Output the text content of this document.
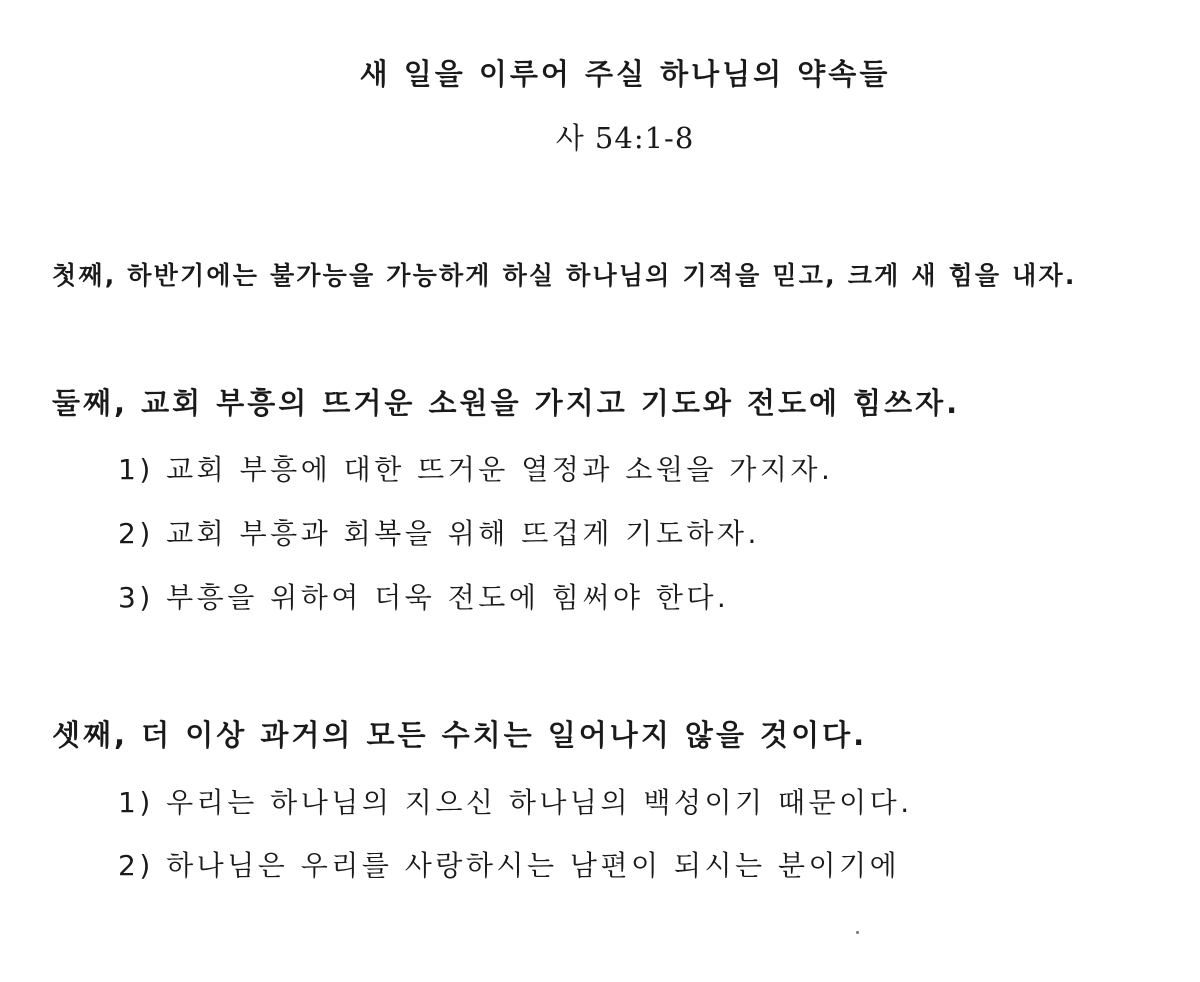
새 일을 이루어 주실 하나님의 약속들
사 54:1-8
첫째, 하반기에는 불가능을 가능하게 하실 하나님의 기적을 믿고, 크게 새 힘을 내자.
둘째, 교회 부흥의 뜨거운 소원을 가지고 기도와 전도에 힘쓰자.
1) 교회 부흥에 대한 뜨거운 열정과 소원을 가지자.
2) 교회 부흥과 회복을 위해 뜨겁게 기도하자.
3) 부흥을 위하여 더욱 전도에 힘써야 한다.
셋째, 더 이상 과거의 모든 수치는 일어나지 않을 것이다.
1) 우리는 하나님의 지으신 하나님의 백성이기 때문이다.
2) 하나님은 우리를 사랑하시는 남편이 되시는 분이기에
